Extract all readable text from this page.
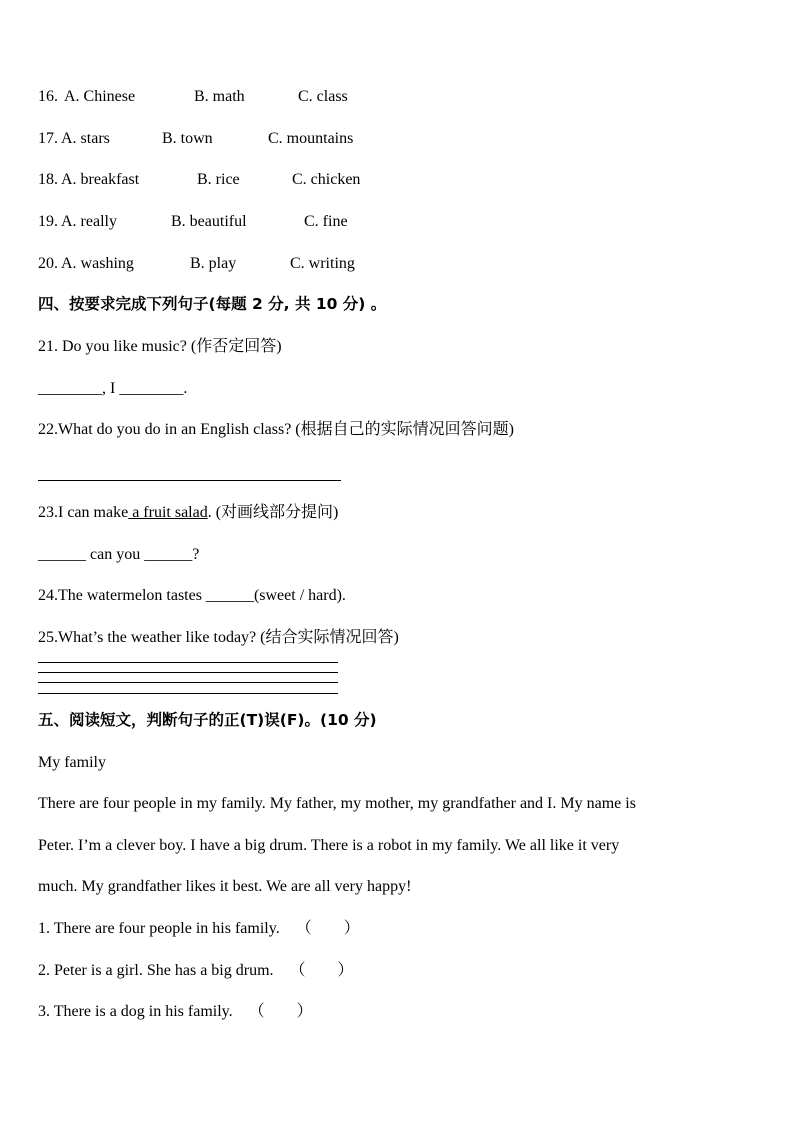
16. A. Chinese	B. math	C. class
17. A. stars	B. town	C. mountains
18. A. breakfast	B. rice	C. chicken
19. A. really	B. beautiful	C. fine
20. A. washing	B. play	C. writing
四、按要求完成下列句子(每题 2 分, 共 10 分) 。
21. Do you like music? (作否定回答)
________, I ________.
22.What do you do in an English class? (根据自己的实际情况回答问题)
23.I can make a fruit salad. (对画线部分提问)
______ can you ______?
24.The watermelon tastes ______(sweet / hard).
25.What’s the weather like today? (结合实际情况回答)
五、阅读短文，判断句子的正(T)误(F)。(10 分)
My family
There are four people in my family. My father, my mother, my grandfather and I. My name is
Peter. I’m a clever boy. I have a big drum. There is a robot in my family. We all like it very
much. My grandfather likes it best. We are all very happy!
1. There are four people in his family. （　　）
2. Peter is a girl. She has a big drum. （　　）
3. There is a dog in his family. （　　）
